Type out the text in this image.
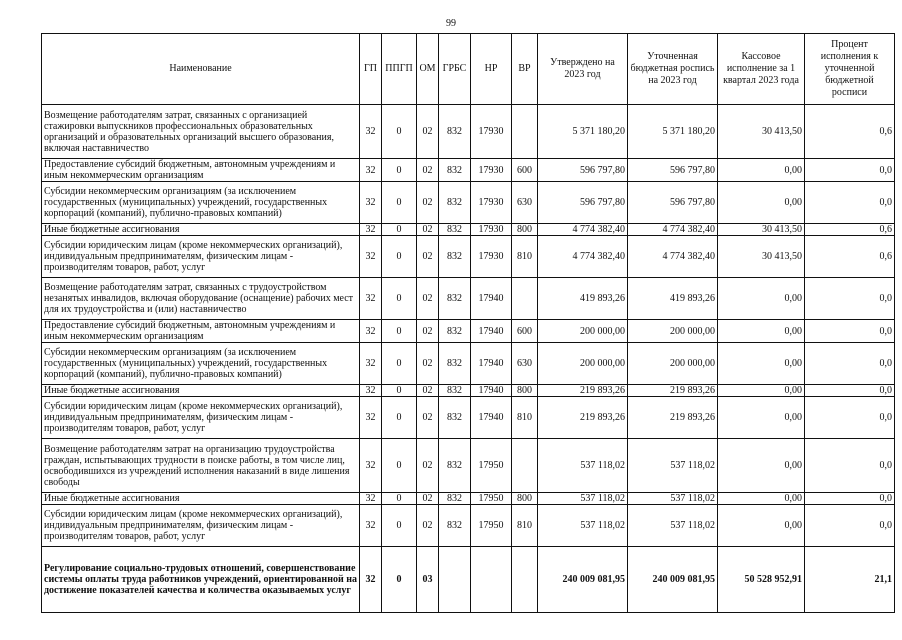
99
Наименование	ГП	ППГП	ОМ	ГРБС	НР	ВР	Утверждено на 2023 год	Уточненная бюджетная роспись на 2023 год	Кассовое исполнение за 1 квартал 2023 года	Процент исполнения к уточненной бюджетной росписи
Возмещение работодателям затрат, связанных с организацией стажировки выпускников профессиональных образовательных организаций и образовательных организаций высшего образования, включая наставничество	32	0	02	832	17930		5 371 180,20	5 371 180,20	30 413,50	0,6
Предоставление субсидий бюджетным, автономным учреждениям и иным некоммерческим организациям	32	0	02	832	17930	600	596 797,80	596 797,80	0,00	0,0
Субсидии некоммерческим организациям (за исключением государственных (муниципальных) учреждений, государственных корпораций (компаний), публично-правовых компаний)	32	0	02	832	17930	630	596 797,80	596 797,80	0,00	0,0
Иные бюджетные ассигнования	32	0	02	832	17930	800	4 774 382,40	4 774 382,40	30 413,50	0,6
Субсидии юридическим лицам (кроме некоммерческих организаций), индивидуальным предпринимателям, физическим лицам - производителям товаров, работ, услуг	32	0	02	832	17930	810	4 774 382,40	4 774 382,40	30 413,50	0,6
Возмещение работодателям затрат, связанных с трудоустройством незанятых инвалидов, включая оборудование (оснащение) рабочих мест для их трудоустройства и (или) наставничество	32	0	02	832	17940		419 893,26	419 893,26	0,00	0,0
Предоставление субсидий бюджетным, автономным учреждениям и иным некоммерческим организациям	32	0	02	832	17940	600	200 000,00	200 000,00	0,00	0,0
Субсидии некоммерческим организациям (за исключением государственных (муниципальных) учреждений, государственных корпораций (компаний), публично-правовых компаний)	32	0	02	832	17940	630	200 000,00	200 000,00	0,00	0,0
Иные бюджетные ассигнования	32	0	02	832	17940	800	219 893,26	219 893,26	0,00	0,0
Субсидии юридическим лицам (кроме некоммерческих организаций), индивидуальным предпринимателям, физическим лицам - производителям товаров, работ, услуг	32	0	02	832	17940	810	219 893,26	219 893,26	0,00	0,0
Возмещение работодателям затрат на организацию трудоустройства граждан, испытывающих трудности в поиске работы, в том числе лиц, освободившихся из учреждений исполнения наказаний в виде лишения свободы	32	0	02	832	17950		537 118,02	537 118,02	0,00	0,0
Иные бюджетные ассигнования	32	0	02	832	17950	800	537 118,02	537 118,02	0,00	0,0
Субсидии юридическим лицам (кроме некоммерческих организаций), индивидуальным предпринимателям, физическим лицам - производителям товаров, работ, услуг	32	0	02	832	17950	810	537 118,02	537 118,02	0,00	0,0
Регулирование социально-трудовых отношений, совершенствование системы оплаты труда работников учреждений, ориентированной на достижение показателей качества и количества оказываемых услуг	32	0	03				240 009 081,95	240 009 081,95	50 528 952,91	21,1
